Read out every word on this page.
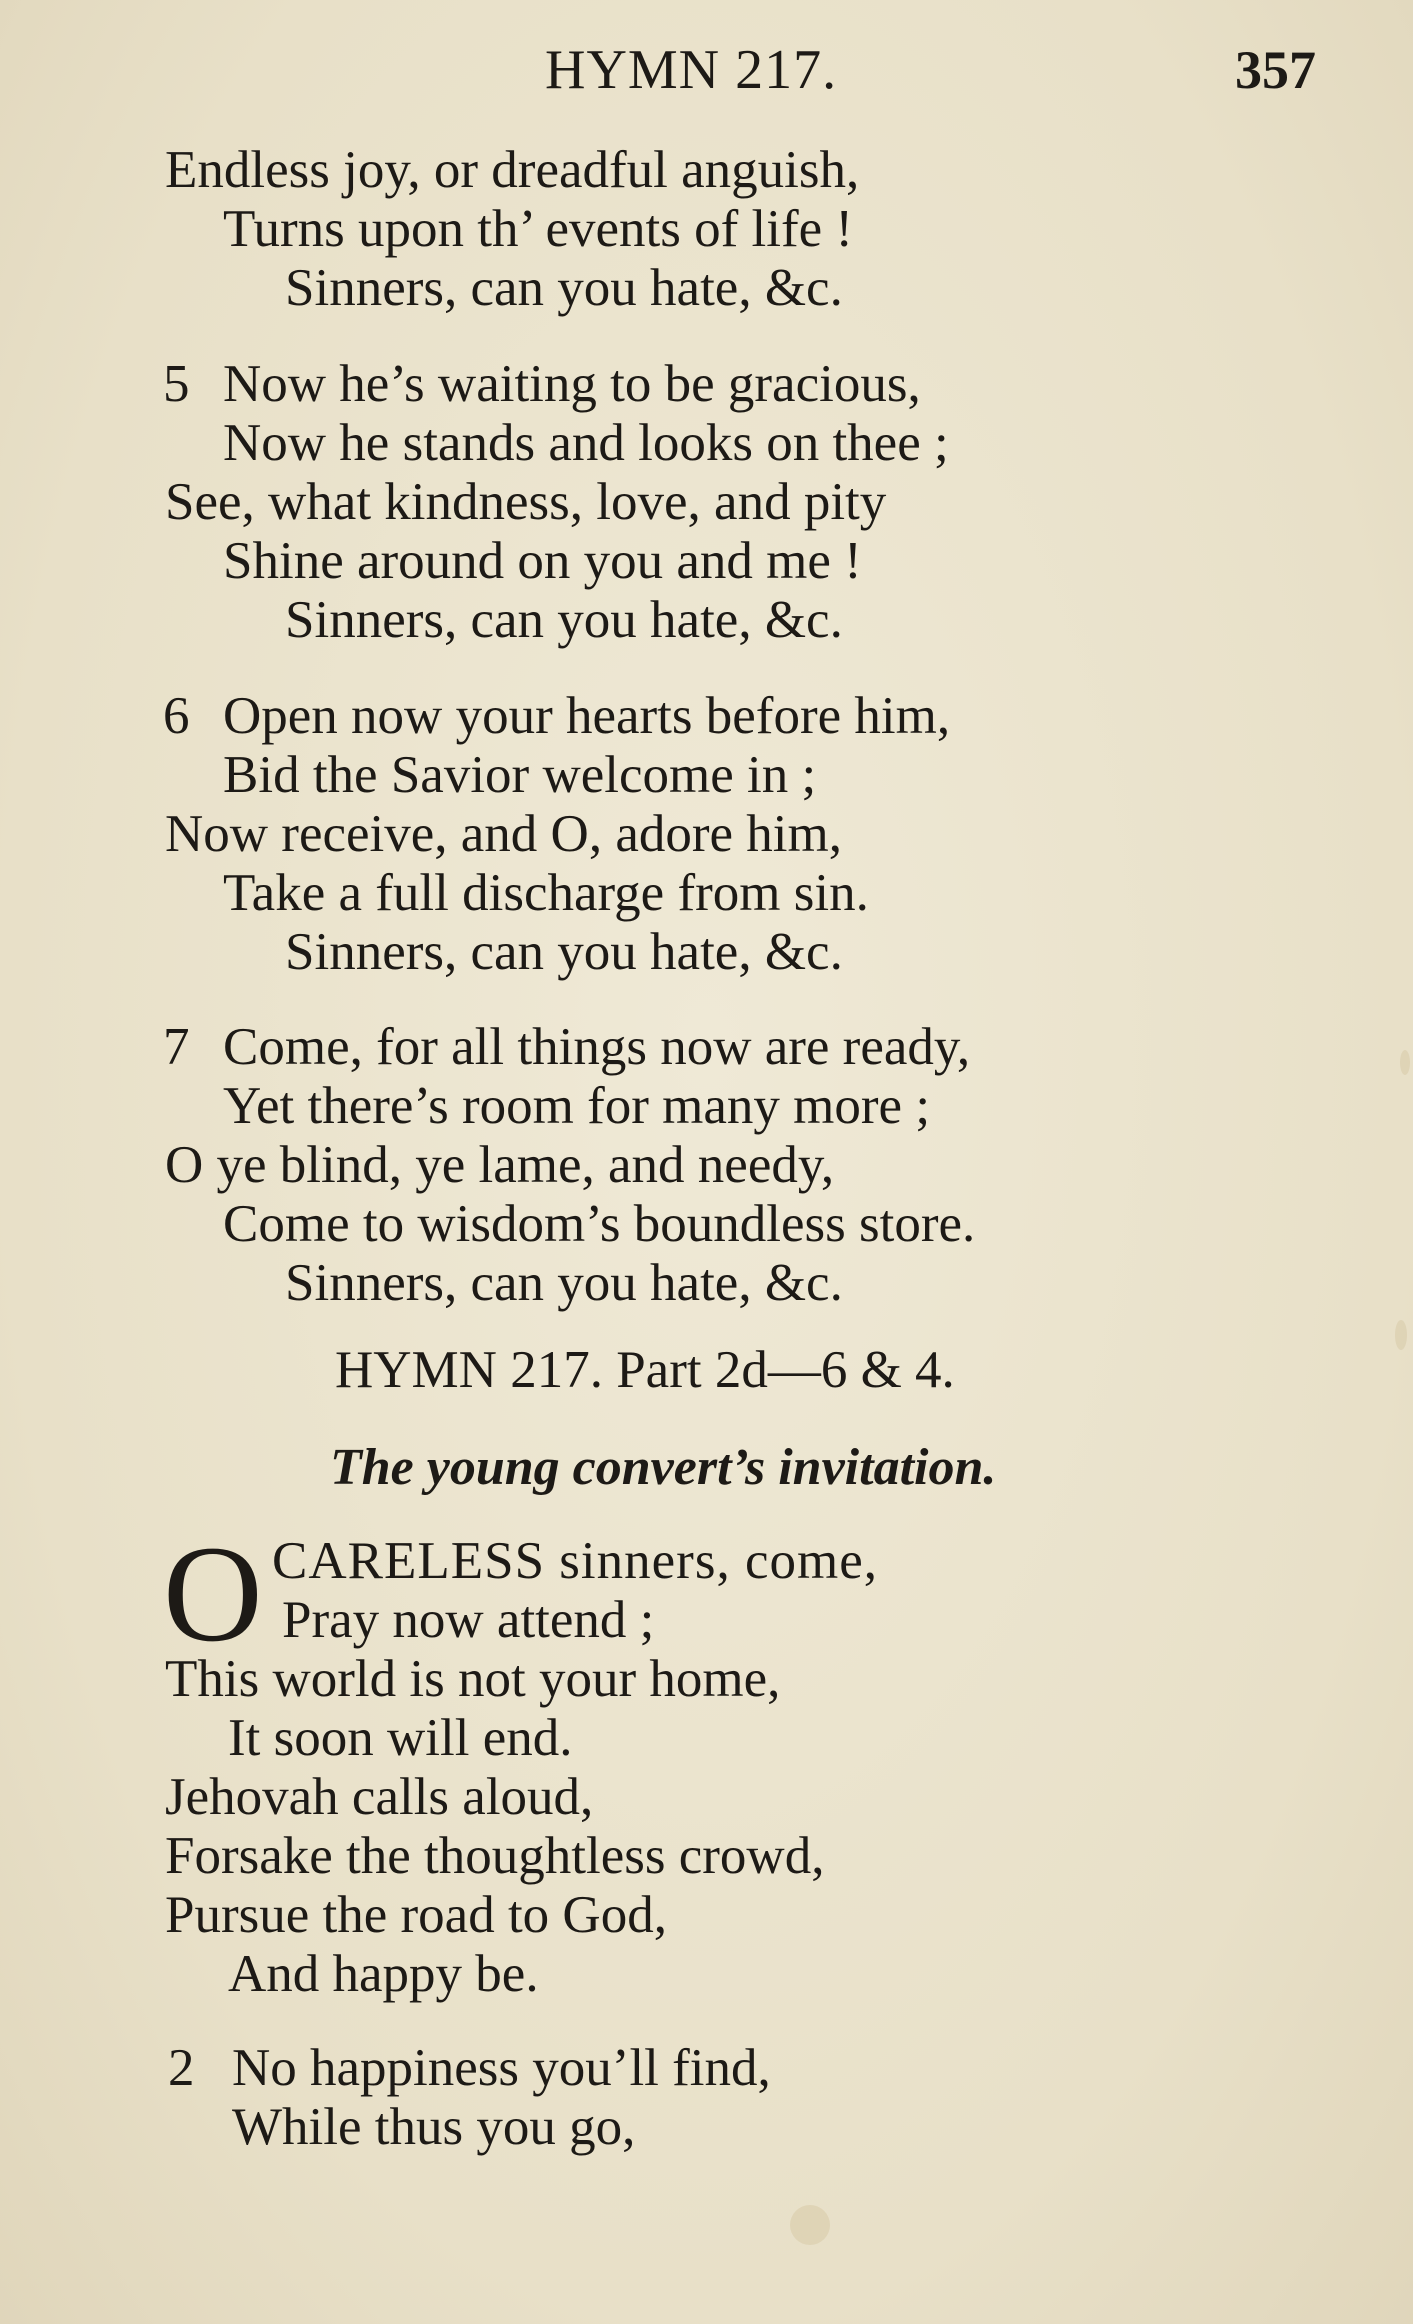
HYMN 217.	357
Endless joy, or dreadful anguish,
Turns upon th’ events of life !
Sinners, can you hate, &c.
5 Now he’s waiting to be gracious,
Now he stands and looks on thee ;
See, what kindness, love, and pity
Shine around on you and me !
Sinners, can you hate, &c.
6 Open now your hearts before him,
Bid the Savior welcome in ;
Now receive, and O, adore him,
Take a full discharge from sin.
Sinners, can you hate, &c.
7 Come, for all things now are ready,
Yet there’s room for many more ;
O ye blind, ye lame, and needy,
Come to wisdom’s boundless store.
Sinners, can you hate, &c.
HYMN 217. Part 2d—6 & 4.
The young convert’s invitation.
O CARELESS sinners, come,
Pray now attend ;
This world is not your home,
It soon will end.
Jehovah calls aloud,
Forsake the thoughtless crowd,
Pursue the road to God,
And happy be.
2 No happiness you’ll find,
While thus you go,
